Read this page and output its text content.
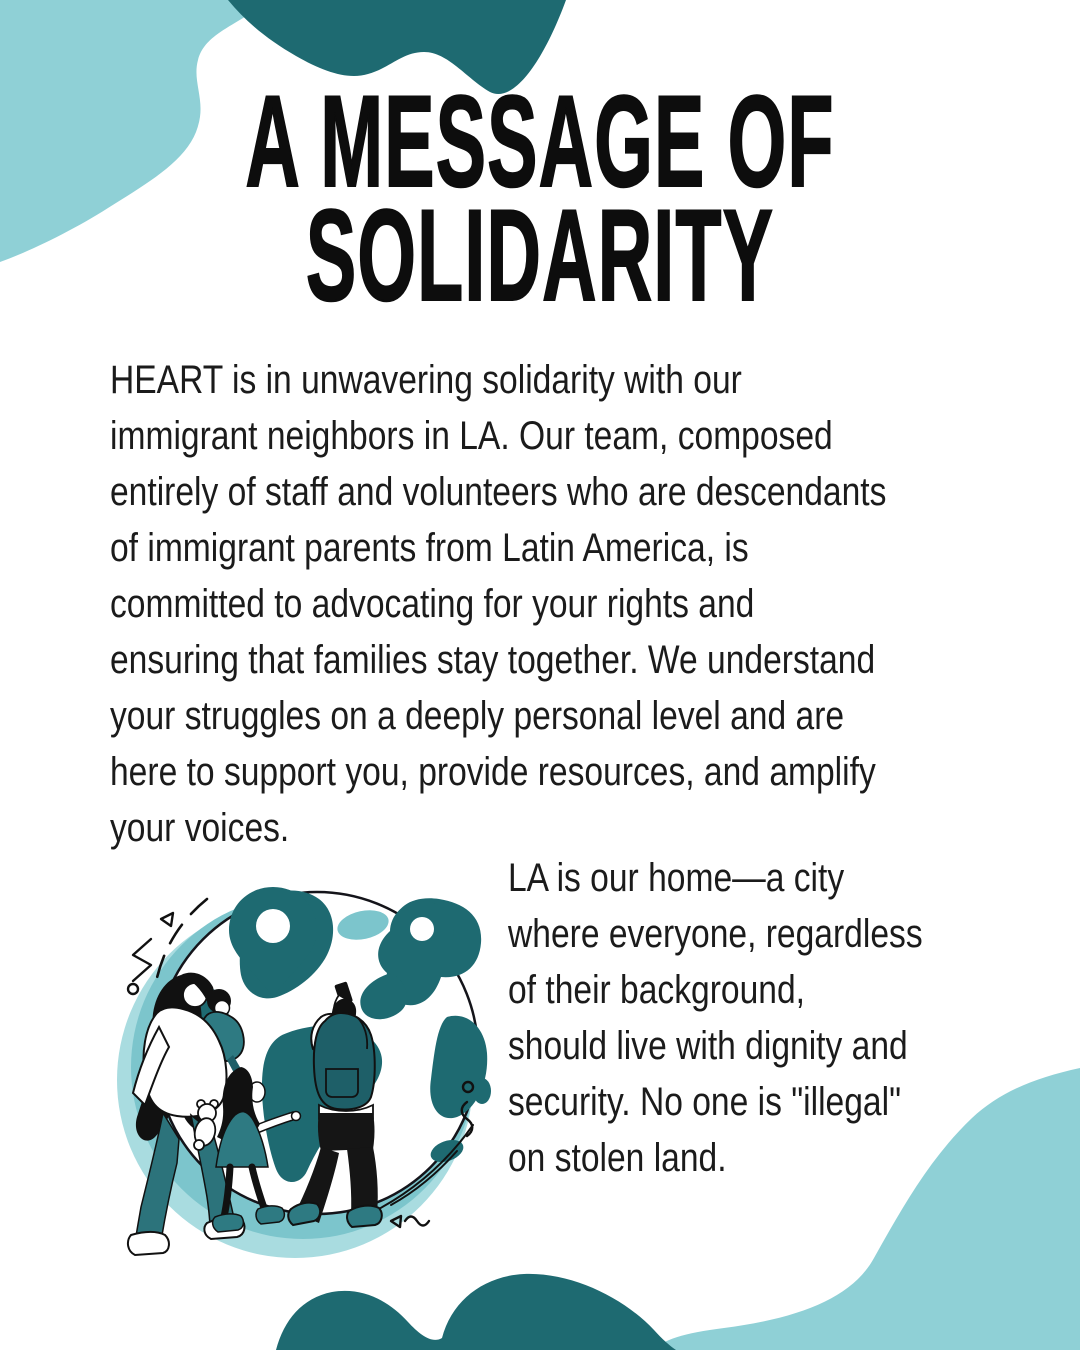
A MESSAGE OF
SOLIDARITY
HEART is in unwavering solidarity with our
immigrant neighbors in LA. Our team, composed
entirely of staff and volunteers who are descendants
of immigrant parents from Latin America, is
committed to advocating for your rights and
ensuring that families stay together. We understand
your struggles on a deeply personal level and are
here to support you, provide resources, and amplify
your voices.
LA is our home—a city
where everyone, regardless
of their background,
should live with dignity and
security. No one is "illegal"
on stolen land.
